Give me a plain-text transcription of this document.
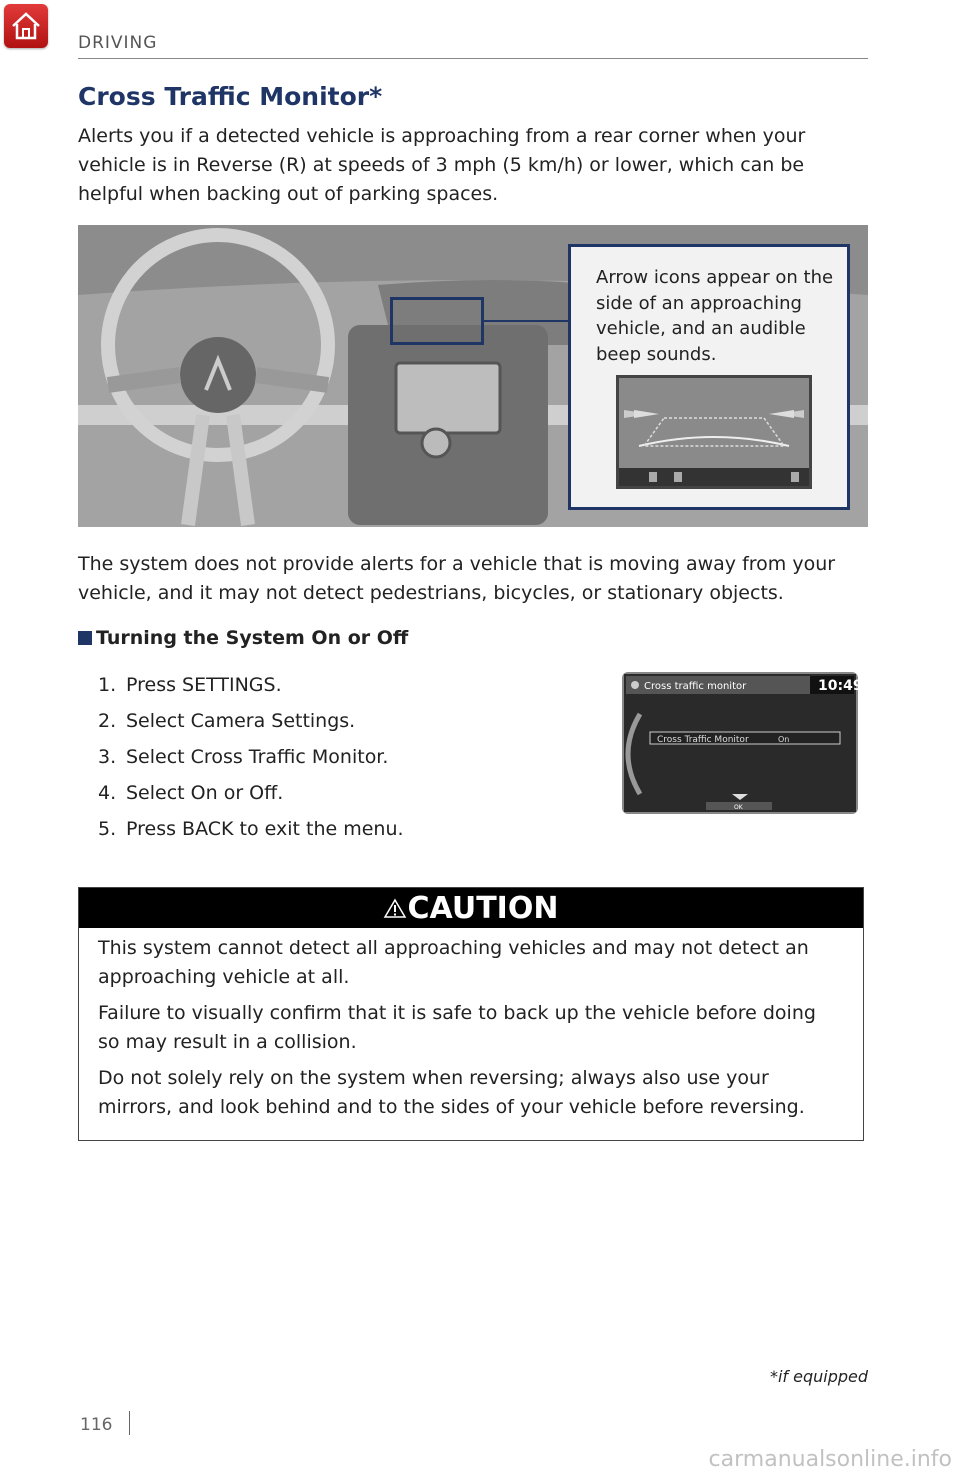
DRIVING
Cross Traffic Monitor*

Alerts you if a detected vehicle is approaching from a rear corner when your vehicle is in Reverse (R) at speeds of 3 mph (5 km/h) or lower, which can be helpful when backing out of parking spaces.

Arrow icons appear on the side of an approaching vehicle, and an audible beep sounds.

The system does not provide alerts for a vehicle that is moving away from your vehicle, and it may not detect pedestrians, bicycles, or stationary objects.

Turning the System On or Off
1. Press SETTINGS.
2. Select Camera Settings.
3. Select Cross Traffic Monitor.
4. Select On or Off.
5. Press BACK to exit the menu.
Cross traffic monitor	10:49
Cross Traffic Monitor	On
OK
CAUTION

This system cannot detect all approaching vehicles and may not detect an approaching vehicle at all.

Failure to visually confirm that it is safe to back up the vehicle before doing so may result in a collision.

Do not solely rely on the system when reversing; always also use your mirrors, and look behind and to the sides of your vehicle before reversing.

*if equipped
116
carmanualsonline.info
